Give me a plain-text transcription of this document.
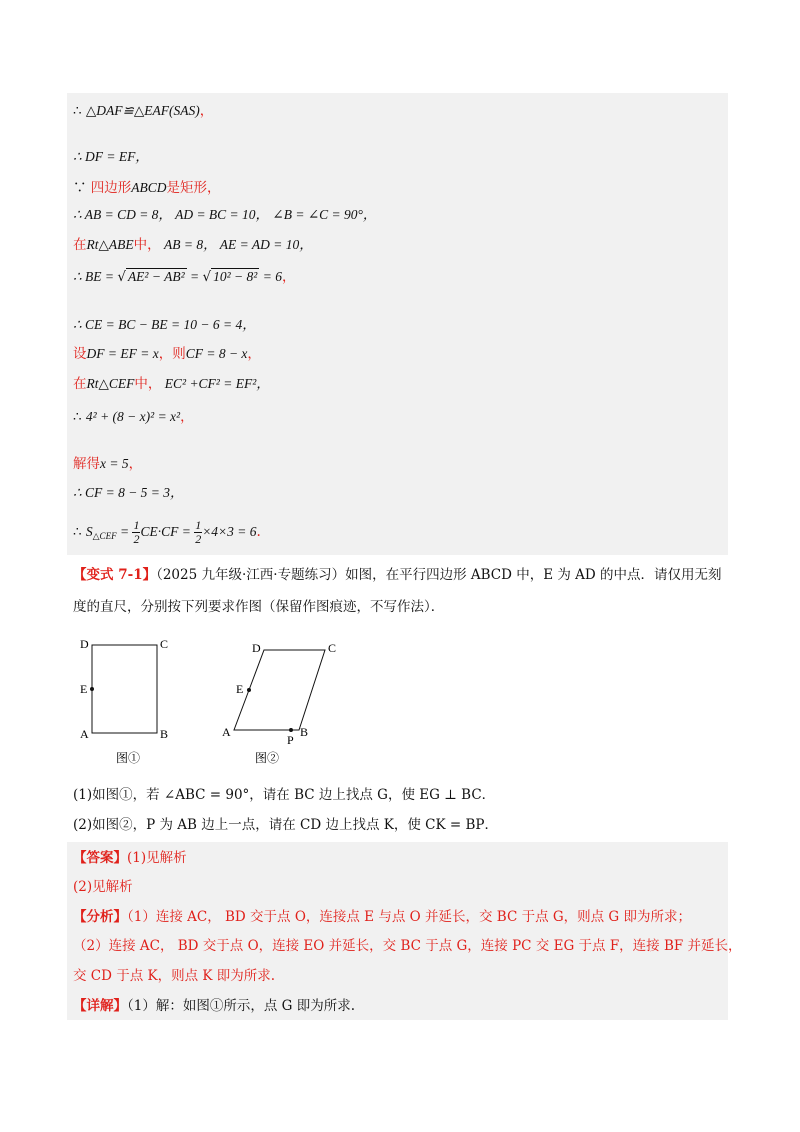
∴ △DAF≌△EAF(SAS)，
∴ DF = EF，
∵ 四边形ABCD是矩形，
∴ AB = CD = 8， AD = BC = 10， ∠B = ∠C = 90°，
在Rt△ABE中， AB = 8， AE = AD = 10，
∴ BE = √ AE² − AB² = √ 10² − 8² = 6，
∴ CE = BC − BE = 10 − 6 = 4，
设DF = EF = x，则CF = 8 − x，
在Rt△CEF中， EC² +CF² = EF²，
∴ 4² + (8 − x)² = x²，
解得x = 5，
∴ CF = 8 − 5 = 3，
∴ $S_{\triangle CEF} = \frac{1}{2} CE\cdot CF = \frac{1}{2} \times 4\times 3 = 6$.
【变式 7-1】（2025 九年级·江西·专题练习）如图，在平行四边形 ABCD 中，E 为 AD 的中点．请仅用无刻
度的直尺，分别按下列要求作图（保留作图痕迹，不写作法）．
D	C
E
A	B
图①
D	C
E
A	B
P
图②
(1)如图①，若 ∠ABC = 90°，请在 BC 边上找点 G，使 EG ⊥ BC．
(2)如图②，P 为 AB 边上一点，请在 CD 边上找点 K，使 CK = BP．
【答案】(1)见解析
(2)见解析
【分析】（1）连接 AC， BD 交于点 O，连接点 E 与点 O 并延长，交 BC 于点 G，则点 G 即为所求；
（2）连接 AC， BD 交于点 O，连接 EO 并延长，交 BC 于点 G，连接 PC 交 EG 于点 F，连接 BF 并延长，
交 CD 于点 K，则点 K 即为所求.
【详解】（1）解：如图①所示，点 G 即为所求.
